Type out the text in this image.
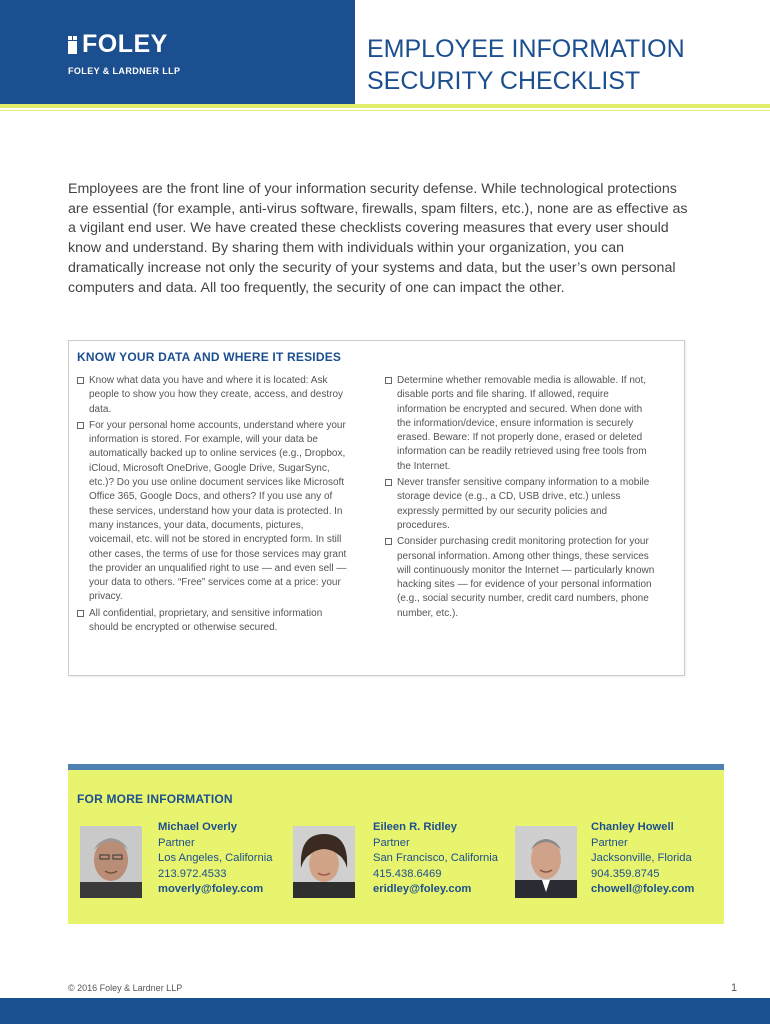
FOLEY
FOLEY & LARDNER LLP
EMPLOYEE INFORMATION
SECURITY CHECKLIST
Employees are the front line of your information security defense. While technological protections are essential (for example, anti-virus software, firewalls, spam filters, etc.), none are as effective as a vigilant end user. We have created these checklists covering measures that every user should know and understand. By sharing them with individuals within your organization, you can dramatically increase not only the security of your systems and data, but the user’s own personal computers and data. All too frequently, the security of one can impact the other.
KNOW YOUR DATA AND WHERE IT RESIDES
Know what data you have and where it is located: Ask people to show you how they create, access, and destroy data.
For your personal home accounts, understand where your information is stored. For example, will your data be automatically backed up to online services (e.g., Dropbox, iCloud, Microsoft OneDrive, Google Drive, SugarSync, etc.)? Do you use online document services like Microsoft Office 365, Google Docs, and others? If you use any of these services, understand how your data is protected. In many instances, your data, documents, pictures, voicemail, etc. will not be stored in encrypted form. In still other cases, the terms of use for those services may grant the provider an unqualified right to use — and even sell — your data to others. “Free” services come at a price: your privacy.
All confidential, proprietary, and sensitive information should be encrypted or otherwise secured.
Determine whether removable media is allowable. If not, disable ports and file sharing. If allowed, require information be encrypted and secured. When done with the information/device, ensure information is securely erased. Beware: If not properly done, erased or deleted information can be readily retrieved using free tools from the Internet.
Never transfer sensitive company information to a mobile storage device (e.g., a CD, USB drive, etc.) unless expressly permitted by our security policies and procedures.
Consider purchasing credit monitoring protection for your personal information. Among other things, these services will continuously monitor the Internet — particularly known hacking sites — for evidence of your personal information (e.g., social security number, credit card numbers, phone number, etc.).
FOR MORE INFORMATION
Michael Overly
Partner
Los Angeles, California
213.972.4533
moverly@foley.com
Eileen R. Ridley
Partner
San Francisco, California
415.438.6469
eridley@foley.com
Chanley Howell
Partner
Jacksonville, Florida
904.359.8745
chowell@foley.com
© 2016 Foley & Lardner LLP	1
